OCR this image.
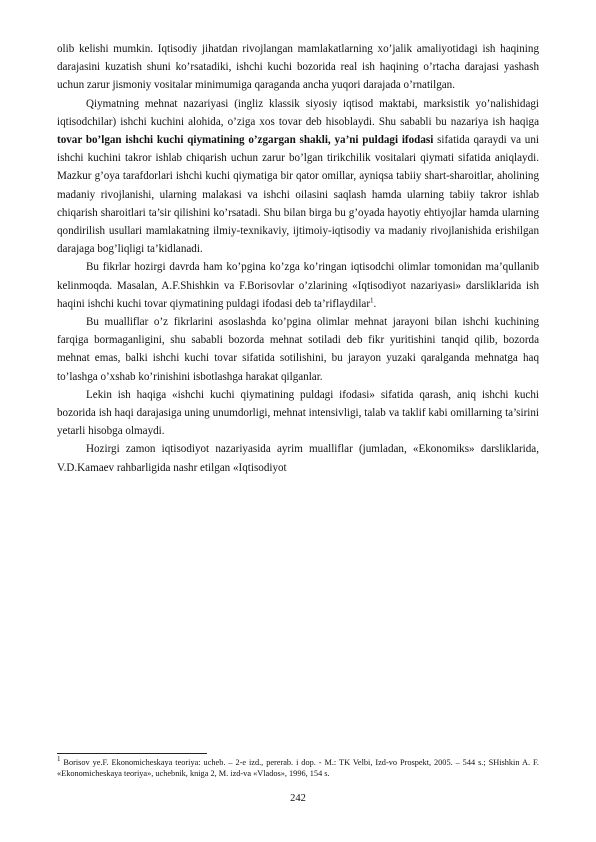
olib kelishi mumkin. Iqtisodiy jihatdan rivojlangan mamlakatlarning xo’jalik amaliyotidagi ish haqining darajasini kuzatish shuni ko’rsatadiki, ishchi kuchi bozorida real ish haqining o’rtacha darajasi yashash uchun zarur jismoniy vositalar minimumiga qaraganda ancha yuqori darajada o’rnatilgan.

Qiymatning mehnat nazariyasi (ingliz klassik siyosiy iqtisod maktabi, marksistik yo’nalishidagi iqtisodchilar) ishchi kuchini alohida, o’ziga xos tovar deb hisoblaydi. Shu sababli bu nazariya ish haqiga tovar bo’lgan ishchi kuchi qiymatining o’zgargan shakli, ya’ni puldagi ifodasi sifatida qaraydi va uni ishchi kuchini takror ishlab chiqarish uchun zarur bo’lgan tirikchilik vositalari qiymati sifatida aniqlaydi. Mazkur g’oya tarafdorlari ishchi kuchi qiymatiga bir qator omillar, ayniqsa tabiiy shart-sharoitlar, aholining madaniy rivojlanishi, ularning malakasi va ishchi oilasini saqlash hamda ularning tabiiy takror ishlab chiqarish sharoitlari ta’sir qilishini ko’rsatadi. Shu bilan birga bu g’oyada hayotiy ehtiyojlar hamda ularning qondirilish usullari mamlakatning ilmiy-texnikaviy, ijtimoiy-iqtisodiy va madaniy rivojlanishida erishilgan darajaga bog’liqligi ta’kidlanadi.

Bu fikrlar hozirgi davrda ham ko’pgina ko’zga ko’ringan iqtisodchi olimlar tomonidan ma’qullanib kelinmoqda. Masalan, A.F.Shishkin va F.Borisovlar o’zlarining «Iqtisodiyot nazariyasi» darsliklarida ish haqini ishchi kuchi tovar qiymatining puldagi ifodasi deb ta’riflaydilar$^1$.

Bu mualliflar o’z fikrlarini asoslashda ko’pgina olimlar mehnat jarayoni bilan ishchi kuchining farqiga bormaganligini, shu sababli bozorda mehnat sotiladi deb fikr yuritishini tanqid qilib, bozorda mehnat emas, balki ishchi kuchi tovar sifatida sotilishini, bu jarayon yuzaki qaralganda mehnatga haq to’lashga o’xshab ko’rinishini isbotlashga harakat qilganlar.

Lekin ish haqiga «ishchi kuchi qiymatining puldagi ifodasi» sifatida qarash, aniq ishchi kuchi bozorida ish haqi darajasiga uning unumdorligi, mehnat intensivligi, talab va taklif kabi omillarning ta’sirini yetarli hisobga olmaydi.

Hozirgi zamon iqtisodiyot nazariyasida ayrim mualliflar (jumladan, «Ekonomiks» darsliklarida, V.D.Kamaev rahbarligida nashr etilgan «Iqtisodiyot

$^1$ Borisov ye.F. Ekonomicheskaya teoriya: ucheb. – 2-e izd., pererab. i dop. - M.: TK Velbi, Izd-vo Prospekt, 2005. – 544 s.; SHishkin A. F. «Ekonomicheskaya teoriya», uchebnik, kniga 2, M. izd-va «Vlados», 1996, 154 s.

242
